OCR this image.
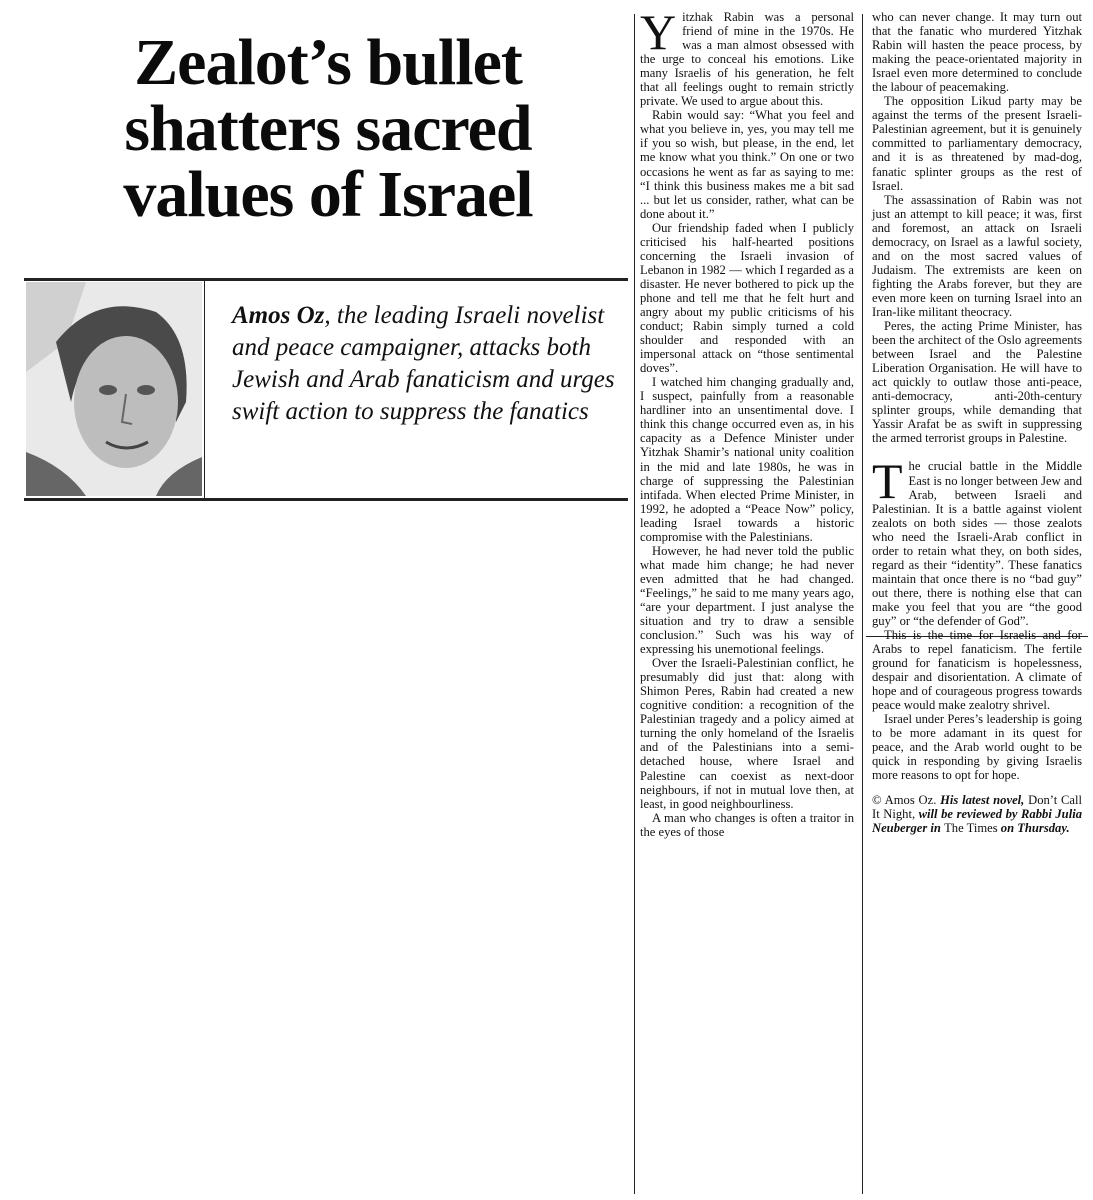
Zealot’s bullet
shatters sacred
values of Israel
Amos Oz, the leading Israeli novelist and peace campaigner, attacks both Jewish and Arab fanaticism and urges swift action to suppress the fanatics

Yitzhak Rabin was a personal friend of mine in the 1970s. He was a man almost obsessed with the urge to conceal his emotions. Like many Israelis of his generation, he felt that all feelings ought to remain strictly private. We used to argue about this.

Rabin would say: “What you feel and what you believe in, yes, you may tell me if you so wish, but please, in the end, let me know what you think.” On one or two occasions he went as far as saying to me: “I think this business makes me a bit sad ... but let us consider, rather, what can be done about it.”

Our friendship faded when I publicly criticised his half-hearted positions concerning the Israeli invasion of Lebanon in 1982 — which I regarded as a disaster. He never bothered to pick up the phone and tell me that he felt hurt and angry about my public criticisms of his conduct; Rabin simply turned a cold shoulder and responded with an impersonal attack on “those sentimental doves”.

I watched him changing gradually and, I suspect, painfully from a reasonable hardliner into an unsentimental dove. I think this change occurred even as, in his capacity as a Defence Minister under Yitzhak Shamir’s national unity coalition in the mid and late 1980s, he was in charge of suppressing the Palestinian intifada. When elected Prime Minister, in 1992, he adopted a “Peace Now” policy, leading Israel towards a historic compromise with the Palestinians.

However, he had never told the public what made him change; he had never even admitted that he had changed. “Feelings,” he said to me many years ago, “are your department. I just analyse the situation and try to draw a sensible conclusion.” Such was his way of expressing his unemotional feelings.

Over the Israeli-Palestinian conflict, he presumably did just that: along with Shimon Peres, Rabin had created a new cognitive condition: a recognition of the Palestinian tragedy and a policy aimed at turning the only homeland of the Israelis and of the Palestinians into a semi-detached house, where Israel and Palestine can coexist as next-door neighbours, if not in mutual love then, at least, in good neighbourliness.

A man who changes is often a traitor in the eyes of those

who can never change. It may turn out that the fanatic who murdered Yitzhak Rabin will hasten the peace process, by making the peace-orientated majority in Israel even more determined to conclude the labour of peacemaking.

The opposition Likud party may be against the terms of the present Israeli-Palestinian agreement, but it is genuinely committed to parliamentary democracy, and it is as threatened by mad-dog, fanatic splinter groups as the rest of Israel.

The assassination of Rabin was not just an attempt to kill peace; it was, first and foremost, an attack on Israeli democracy, on Israel as a lawful society, and on the most sacred values of Judaism. The extremists are keen on fighting the Arabs forever, but they are even more keen on turning Israel into an Iran-like militant theocracy.

Peres, the acting Prime Minister, has been the architect of the Oslo agreements between Israel and the Palestine Liberation Organisation. He will have to act quickly to outlaw those anti-peace, anti-democracy, anti-20th-century splinter groups, while demanding that Yassir Arafat be as swift in suppressing the armed terrorist groups in Palestine.

The crucial battle in the Middle East is no longer between Jew and Arab, between Israeli and Palestinian. It is a battle against violent zealots on both sides — those zealots who need the Israeli-Arab conflict in order to retain what they, on both sides, regard as their “identity”. These fanatics maintain that once there is no “bad guy” out there, there is nothing else that can make you feel that you are “the good guy” or “the defender of God”.

This is the time for Israelis and for Arabs to repel fanaticism. The fertile ground for fanaticism is hopelessness, despair and disorientation. A climate of hope and of courageous progress towards peace would make zealotry shrivel.

Israel under Peres’s leadership is going to be more adamant in its quest for peace, and the Arab world ought to be quick in responding by giving Israelis more reasons to opt for hope.

© Amos Oz. His latest novel, Don’t Call It Night, will be reviewed by Rabbi Julia Neuberger in The Times on Thursday.
